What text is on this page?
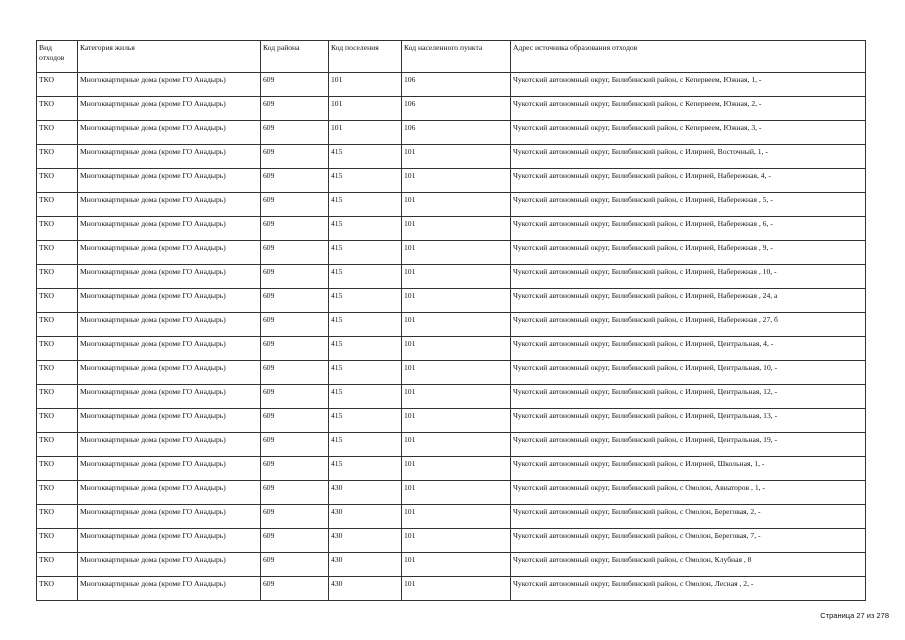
Вид отходов	Категория жилья	Код района	Код поселения	Код населенного пункта	Адрес источника образования отходов
ТКО	Многоквартирные дома (кроме ГО Анадырь)	609	101	106	Чукотский автономный округ, Билибинский район, с Кепервеем, Южная, 1, -
ТКО	Многоквартирные дома (кроме ГО Анадырь)	609	101	106	Чукотский автономный округ, Билибинский район, с Кепервеем, Южная, 2, -
ТКО	Многоквартирные дома (кроме ГО Анадырь)	609	101	106	Чукотский автономный округ, Билибинский район, с Кепервеем, Южная, 3, -
ТКО	Многоквартирные дома (кроме ГО Анадырь)	609	415	101	Чукотский автономный округ, Билибинский район, с Илирней, Восточный, 1, -
ТКО	Многоквартирные дома (кроме ГО Анадырь)	609	415	101	Чукотский автономный округ, Билибинский район, с Илирней, Набережная, 4, -
ТКО	Многоквартирные дома (кроме ГО Анадырь)	609	415	101	Чукотский автономный округ, Билибинский район, с Илирней, Набережная , 5, -
ТКО	Многоквартирные дома (кроме ГО Анадырь)	609	415	101	Чукотский автономный округ, Билибинский район, с Илирней, Набережная , 6, -
ТКО	Многоквартирные дома (кроме ГО Анадырь)	609	415	101	Чукотский автономный округ, Билибинский район, с Илирней, Набережная , 9, -
ТКО	Многоквартирные дома (кроме ГО Анадырь)	609	415	101	Чукотский автономный округ, Билибинский район, с Илирней, Набережная , 10, -
ТКО	Многоквартирные дома (кроме ГО Анадырь)	609	415	101	Чукотский автономный округ, Билибинский район, с Илирней, Набережная , 24, а
ТКО	Многоквартирные дома (кроме ГО Анадырь)	609	415	101	Чукотский автономный округ, Билибинский район, с Илирней, Набережная , 27, б
ТКО	Многоквартирные дома (кроме ГО Анадырь)	609	415	101	Чукотский автономный округ, Билибинский район, с Илирней, Центральная, 4, -
ТКО	Многоквартирные дома (кроме ГО Анадырь)	609	415	101	Чукотский автономный округ, Билибинский район, с Илирней, Центральная, 10, -
ТКО	Многоквартирные дома (кроме ГО Анадырь)	609	415	101	Чукотский автономный округ, Билибинский район, с Илирней, Центральная, 12, -
ТКО	Многоквартирные дома (кроме ГО Анадырь)	609	415	101	Чукотский автономный округ, Билибинский район, с Илирней, Центральная, 13, -
ТКО	Многоквартирные дома (кроме ГО Анадырь)	609	415	101	Чукотский автономный округ, Билибинский район, с Илирней, Центральная, 19, -
ТКО	Многоквартирные дома (кроме ГО Анадырь)	609	415	101	Чукотский автономный округ, Билибинский район, с Илирней, Школьная, 1, -
ТКО	Многоквартирные дома (кроме ГО Анадырь)	609	430	101	Чукотский автономный округ, Билибинский район, с Омолон, Авиаторов , 1, -
ТКО	Многоквартирные дома (кроме ГО Анадырь)	609	430	101	Чукотский автономный округ, Билибинский район, с Омолон, Береговая, 2, -
ТКО	Многоквартирные дома (кроме ГО Анадырь)	609	430	101	Чукотский автономный округ, Билибинский район, с Омолон, Береговая, 7, -
ТКО	Многоквартирные дома (кроме ГО Анадырь)	609	430	101	Чукотский автономный округ, Билибинский район, с Омолон, Клубная , 8
ТКО	Многоквартирные дома (кроме ГО Анадырь)	609	430	101	Чукотский автономный округ, Билибинский район, с Омолон, Лесная , 2, -
Страница 27 из 278
